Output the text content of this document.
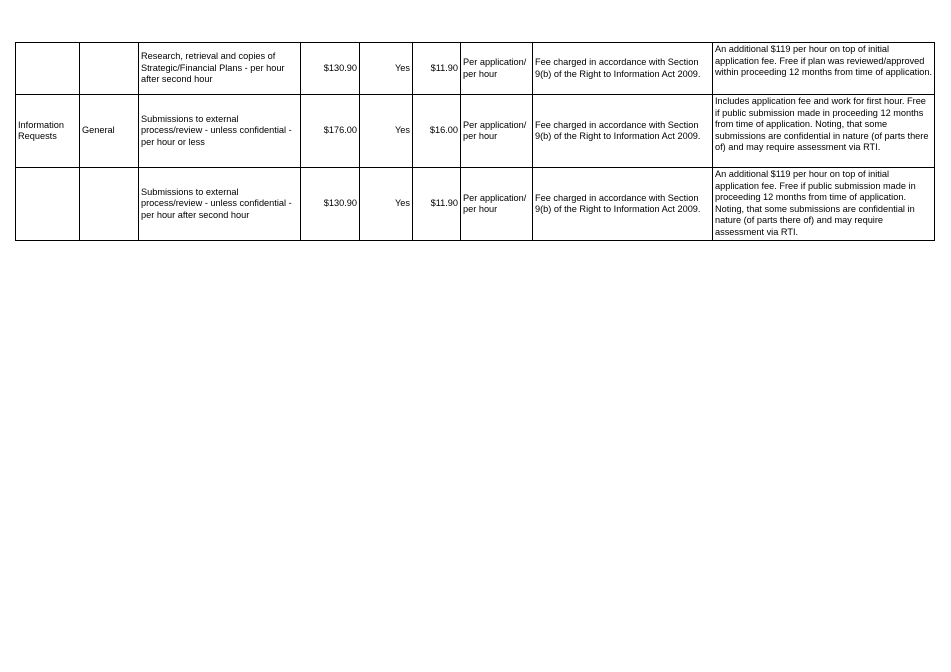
		Research, retrieval and copies of Strategic/Financial Plans - per hour after second hour	$130.90	Yes	$11.90	Per application/ per hour	Fee charged in accordance with Section 9(b) of the Right to Information Act 2009.	An additional $119 per hour on top of initial application fee. Free if plan was reviewed/approved within proceeding 12 months from time of application.
Information Requests	General	Submissions to external process/review - unless confidential - per hour or less	$176.00	Yes	$16.00	Per application/ per hour	Fee charged in accordance with Section 9(b) of the Right to Information Act 2009.	Includes application fee and work for first hour. Free if public submission made in proceeding 12 months from time of application. Noting, that some submissions are confidential in nature (of parts there of) and may require assessment via RTI.
		Submissions to external process/review - unless confidential - per hour after second hour	$130.90	Yes	$11.90	Per application/ per hour	Fee charged in accordance with Section 9(b) of the Right to Information Act 2009.	An additional $119 per hour on top of initial application fee. Free if public submission made in proceeding 12 months from time of application. Noting, that some submissions are confidential in nature (of parts there of) and may require assessment via RTI.
